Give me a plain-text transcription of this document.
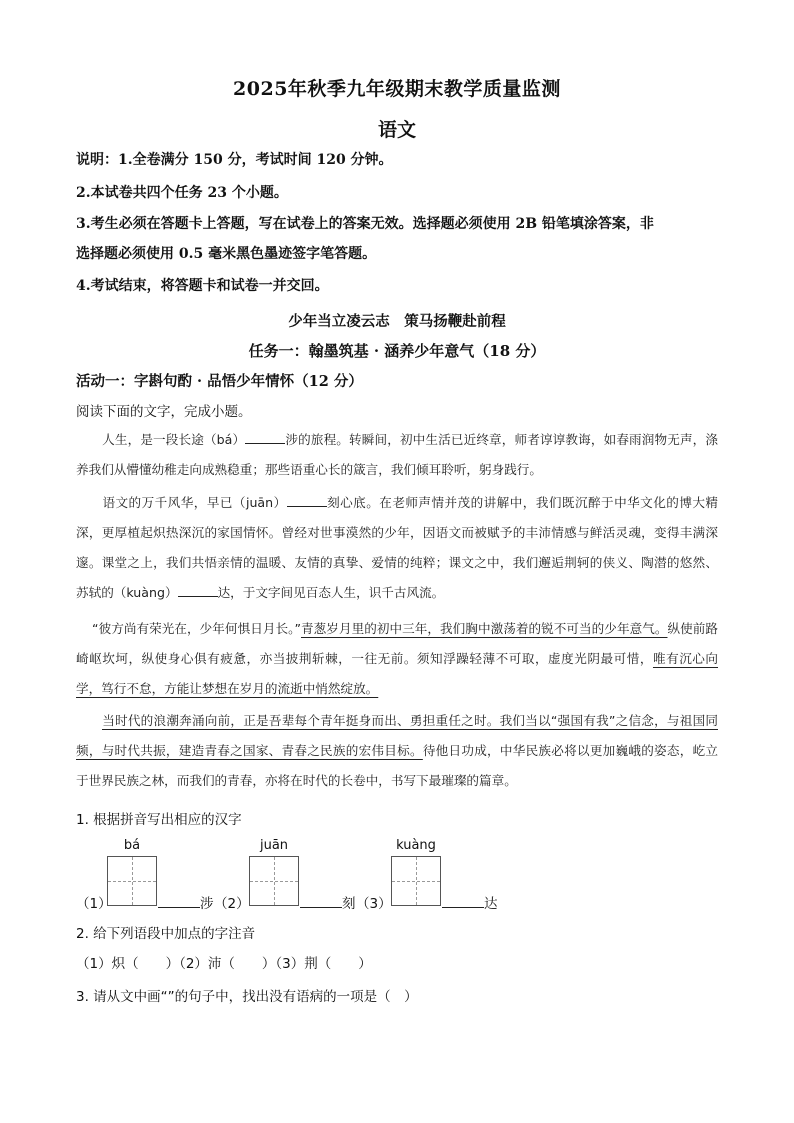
2025年秋季九年级期末教学质量监测
语文
说明：1.全卷满分 150 分，考试时间 120 分钟。
2.本试卷共四个任务 23 个小题。
3.考生必须在答题卡上答题，写在试卷上的答案无效。选择题必须使用 2B 铅笔填涂答案，非
选择题必须使用 0.5 毫米黑色墨迹签字笔答题。
4.考试结束，将答题卡和试卷一并交回。
少年当立凌云志　策马扬鞭赴前程
任务一：翰墨筑基 · 涵养少年意气（18 分）
活动一：字斟句酌 · 品悟少年情怀（12 分）
阅读下面的文字，完成小题。
人生，是一段长途（bá）	涉的旅程。转瞬间，初中生活已近终章，师者谆谆教诲，如春雨润物无声，涤养我们从懵懂幼稚走向成熟稳重；那些语重心长的箴言，我们倾耳聆听，躬身践行。
语文的万千风华，早已（juān）	刻心底。在老师声情并茂的讲解中，我们既沉醉于中华文化的博大精深，更厚植起炽热深沉的家国情怀。曾经对世事漠然的少年，因语文而被赋予的丰沛情感与鲜活灵魂，变得丰满深邃。课堂之上，我们共悟亲情的温暖、友情的真挚、爱情的纯粹；课文之中，我们邂逅荆轲的侠义、陶潜的悠然、苏轼的（kuàng）	达，于文字间见百态人生，识千古风流。
“彼方尚有荣光在，少年何惧日月长。”青葱岁月里的初中三年，我们胸中激荡着的锐不可当的少年意气。纵使前路崎岖坎坷，纵使身心俱有疲惫，亦当披荆斩棘，一往无前。须知浮躁轻薄不可取，虚度光阴最可惜，唯有沉心向学，笃行不怠，方能让梦想在岁月的流逝中悄然绽放。
当时代的浪潮奔涌向前，正是吾辈每个青年挺身而出、勇担重任之时。我们当以“强国有我”之信念，与祖国同频，与时代共振，建造青春之国家、青春之民族的宏伟目标。待他日功成，中华民族必将以更加巍峨的姿态，屹立于世界民族之林，而我们的青春，亦将在时代的长卷中，书写下最璀璨的篇章。
1. 根据拼音写出相应的汉字
bá	juān	kuàng
（1）	涉 （2）	刻 （3）	达
2. 给下列语段中加点的字注音
（1）炽（　　）（2）沛（　　）（3）荆（　　）
3. 请从文中画“”的句子中，找出没有语病的一项是（　）
